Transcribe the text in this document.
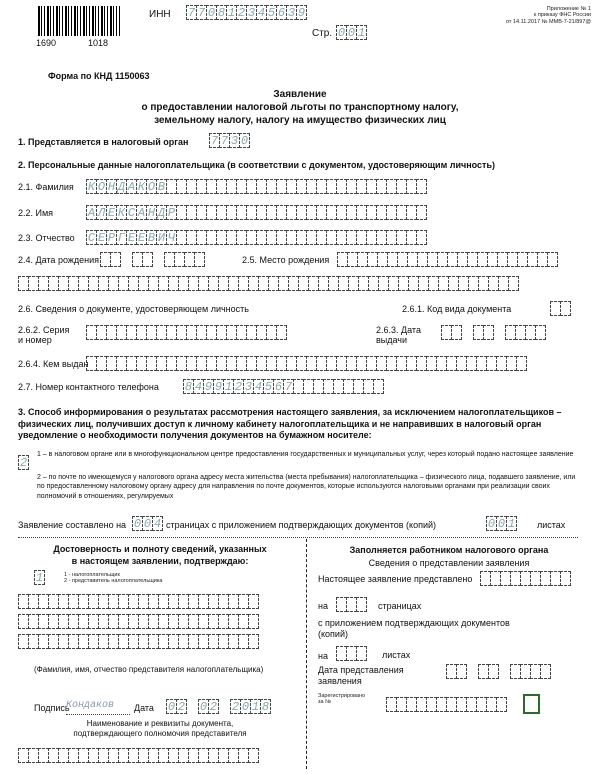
1690	1018
ИНН 7 7 0 8 1 2 3 4 5 6 3 9
Стр. 0 0 1
Приложение № 1
к приказу ФНС России
от 14.11.2017 № ММВ-7-21/897@
Форма по КНД 1150063
Заявление
о предоставлении налоговой льготы по транспортному налогу,
земельному налогу, налогу на имущество физических лиц
1. Представляется в налоговый орган 7 7 3 0
2. Персональные данные налогоплательщика (в соответствии с документом, удостоверяющим личность)
2.1. Фамилия К О Н Д А К О В
2.2. Имя	А Л Е К С А Н Д Р
2.3. Отчество С Е Р Г Е Е В И Ч
2.4. Дата рождения	2.5. Место рождения
2.6. Сведения о документе, удостоверяющем личность	2.6.1. Код вида документа
2.6.2. Серия
и номер
2.6.3. Дата
выдачи
2.6.4. Кем выдан
2.7. Номер контактного телефона 8 4 9 9 1 2 3 4 5 6 7
3. Способ информирования о результатах рассмотрения настоящего заявления, за исключением налогоплательщиков – физических лиц, получивших доступ к личному кабинету налогоплательщика и не направивших в налоговый орган уведомление о необходимости получения документов на бумажном носителе:
2
1 – в налоговом органе или в многофункциональном центре предоставления государственных и муниципальных услуг, через который подано настоящее заявление
2 – по почте по имеющемуся у налогового органа адресу места жительства (места пребывания) налогоплательщика – физического лица, подавшего заявление, или по предоставленному налоговому органу адресу для направления по почте документов, которые используются налоговыми органами при реализации своих полномочий в отношениях, регулируемых
Заявление составлено на 0 0 4 страницах с приложением подтверждающих документов (копий)	0 0 1 листах
Достоверность и полноту сведений, указанных
в настоящем заявлении, подтверждаю:
1	1 - налогоплательщик
2 - представитель налогоплательщика
(Фамилия, имя, отчество представителя налогоплательщика)
Подпись
Кондаков	Дата 0 2 0 2 2 0 1 8
Наименование и реквизиты документа,
подтверждающего полномочия представителя
Заполняется работником налогового органа
Сведения о представлении заявления
Настоящее заявление представлено
на	страницах
с приложением подтверждающих документов
(копий)
на	листах
Дата представления
заявления
Зарегистрировано
за №
